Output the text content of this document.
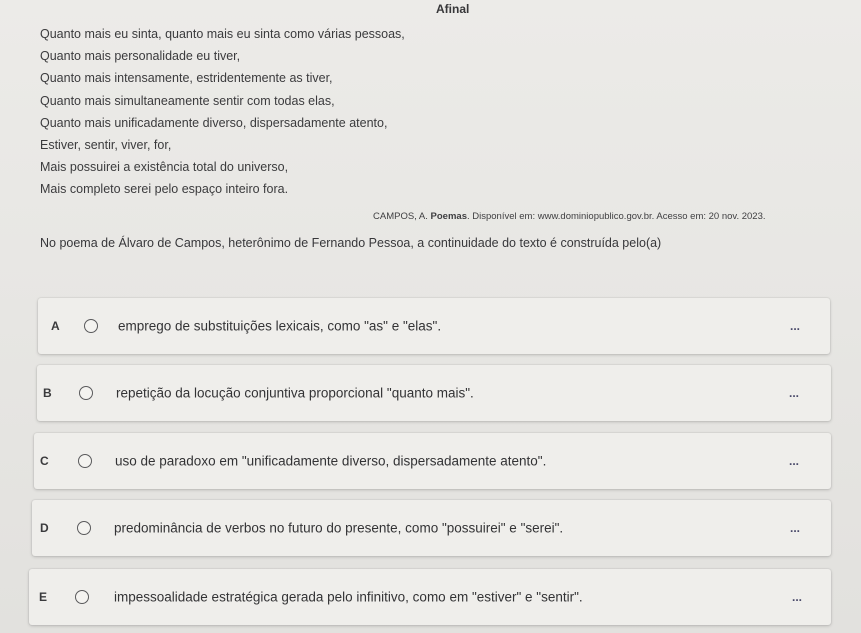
Afinal
Quanto mais eu sinta, quanto mais eu sinta como várias pessoas,
Quanto mais personalidade eu tiver,
Quanto mais intensamente, estridentemente as tiver,
Quanto mais simultaneamente sentir com todas elas,
Quanto mais unificadamente diverso, dispersadamente atento,
Estiver, sentir, viver, for,
Mais possuirei a existência total do universo,
Mais completo serei pelo espaço inteiro fora.
CAMPOS, A. Poemas. Disponível em: www.dominiopublico.gov.br. Acesso em: 20 nov. 2023.
No poema de Álvaro de Campos, heterônimo de Fernando Pessoa, a continuidade do texto é construída pelo(a)
A	emprego de substituições lexicais, como "as" e "elas".	...
B	repetição da locução conjuntiva proporcional "quanto mais".	...
C	uso de paradoxo em "unificadamente diverso, dispersadamente atento".	...
D	predominância de verbos no futuro do presente, como "possuirei" e "serei".	...
E	impessoalidade estratégica gerada pelo infinitivo, como em "estiver" e "sentir".	...
